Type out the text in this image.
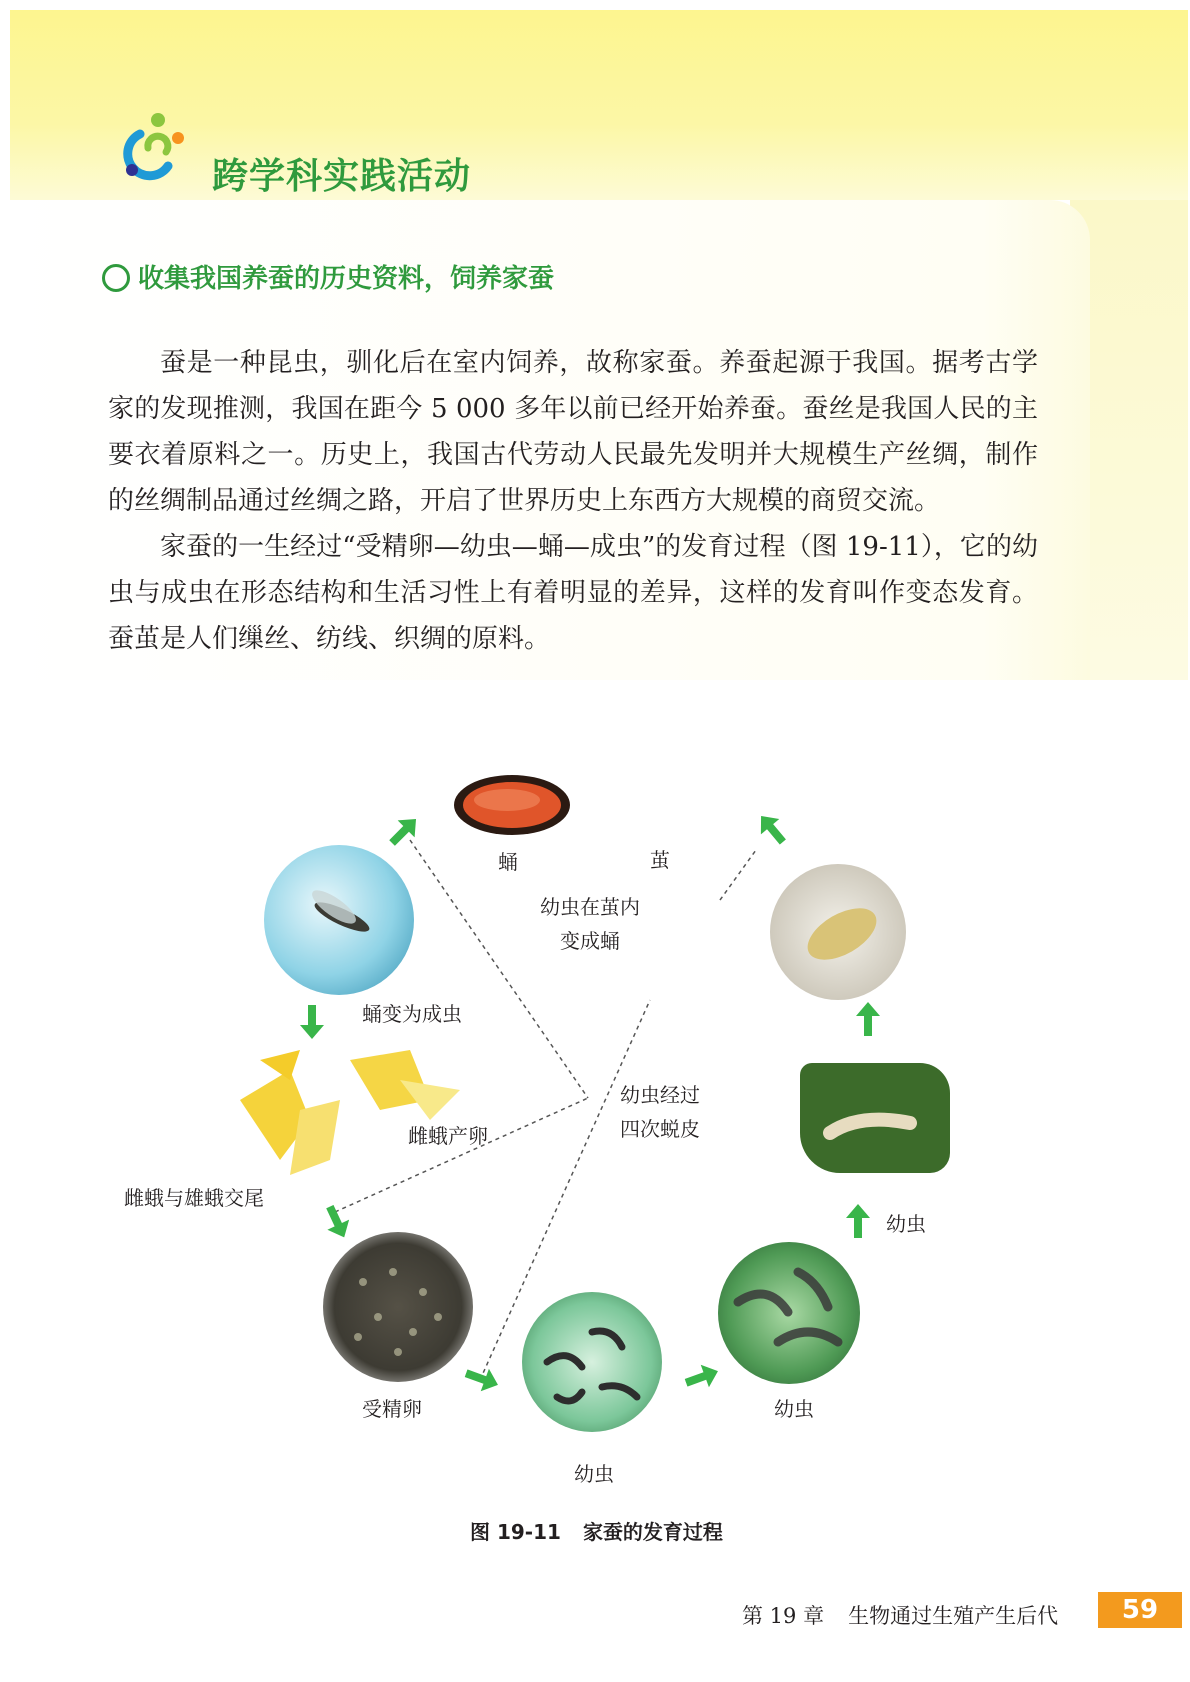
跨学科实践活动
收集我国养蚕的历史资料，饲养家蚕

蚕是一种昆虫，驯化后在室内饲养，故称家蚕。养蚕起源于我国。据考古学家的发现推测，我国在距今 5 000 多年以前已经开始养蚕。蚕丝是我国人民的主要衣着原料之一。历史上，我国古代劳动人民最先发明并大规模生产丝绸，制作的丝绸制品通过丝绸之路，开启了世界历史上东西方大规模的商贸交流。

家蚕的一生经过“受精卵—幼虫—蛹—成虫”的发育过程（图 19-11），它的幼虫与成虫在形态结构和生活习性上有着明显的差异，这样的发育叫作变态发育。蚕茧是人们缫丝、纺线、织绸的原料。

蛹	茧
幼虫在茧内
变成蛹
蛹变为成虫
雌蛾产卵
雌蛾与雄蛾交尾
幼虫经过
四次蜕皮
受精卵
幼虫
幼虫
幼虫

图 19-11 家蚕的发育过程

第 19 章 生物通过生殖产生后代	59
